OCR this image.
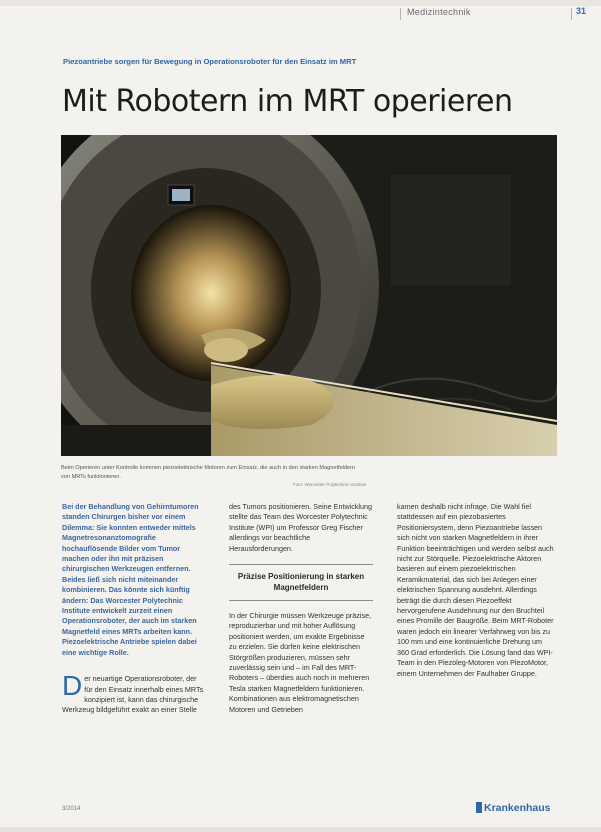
Medizintechnik	31
Piezoantriebe sorgen für Bewegung in Operationsroboter für den Einsatz im MRT
Mit Robotern im MRT operieren
Beim Operieren unter Kontrolle kommen piezoelektrische Motoren zum Einsatz, die auch in den starken Magnetfeldern von MRTs funktionieren.
Foto: Worcester Polytechnic Institute

Bei der Behandlung von Gehirntumoren standen Chirurgen bisher vor einem Dilemma: Sie konnten entweder mittels Magnetresonanztomografie hochauflösende Bilder vom Tumor machen oder ihn mit präzisen chirurgischen Werkzeugen entfernen. Beides ließ sich nicht miteinander kombinieren. Das könnte sich künftig ändern: Das Worcester Polytechnic Institute entwickelt zurzeit einen Operationsroboter, der auch im starken Magnetfeld eines MRTs arbeiten kann. Piezoelektrische Antriebe spielen dabei eine wichtige Rolle.

D er neuartige Operationsroboter, der für den Einsatz innerhalb eines MRTs konzipiert ist, kann das chirurgische Werkzeug bildgeführt exakt an einer Stelle

des Tumors positionieren. Seine Entwicklung stellte das Team des Worcester Polytechnic Institute (WPI) um Professor Greg Fischer allerdings vor beachtliche Herausforderungen.

Präzise Positionierung in starken Magnetfeldern

In der Chirurgie müssen Werkzeuge präzise, reproduzierbar und mit hoher Auflösung positioniert werden, um exakte Ergebnisse zu erzielen. Sie dürfen keine elektrischen Störgrößen produzieren, müssen sehr zuverlässig sein und – im Fall des MRT-Roboters – überdies auch noch in mehreren Tesla starken Magnetfeldern funktionieren. Kombinationen aus elektromagnetischen Motoren und Getrieben

kamen deshalb nicht infrage. Die Wahl fiel stattdessen auf ein piezobasiertes Positioniersystem, denn Piezoantriebe lassen sich nicht von starken Magnetfeldern in ihrer Funktion beeinträchtigen und werden selbst auch nicht zur Störquelle. Piezoelektrische Aktoren basieren auf einem piezoelektrischen Keramikmaterial, das sich bei Anlegen einer elektrischen Spannung ausdehnt. Allerdings beträgt die durch diesen Piezoeffekt hervorgerufene Ausdehnung nur den Bruchteil eines Promille der Baugröße. Beim MRT-Roboter waren jedoch ein linearer Verfahrweg von bis zu 100 mm und eine kontinuierliche Drehung um 360 Grad erforderlich. Die Lösung fand das WPI-Team in den Piezoleg-Motoren von PiezoMotor, einem Unternehmen der Faulhaber Gruppe.

3/2014	Krankenhaus
